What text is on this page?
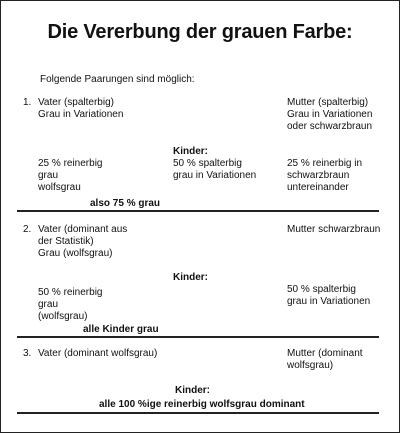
Die Vererbung der grauen Farbe:
Folgende Paarungen sind möglich:
1. Vater (spalterbig)
Grau in Variationen
Mutter (spalterbig)
Grau in Variationen
oder schwarzbraun
Kinder:
25 % reinerbig
grau
wolfsgrau
50 % spalterbig
grau in Variationen
25 % reinerbig in
schwarzbraun
untereinander
also 75 % grau
2. Vater (dominant aus
der Statistik)
Grau (wolfsgrau)
Mutter schwarzbraun
Kinder:
50 % reinerbig
grau
(wolfsgrau)
50 % spalterbig
grau in Variationen
alle Kinder grau
3. Vater (dominant wolfsgrau)	Mutter (dominant
wolfsgrau)
Kinder:
alle 100 %ige reinerbig wolfsgrau dominant
